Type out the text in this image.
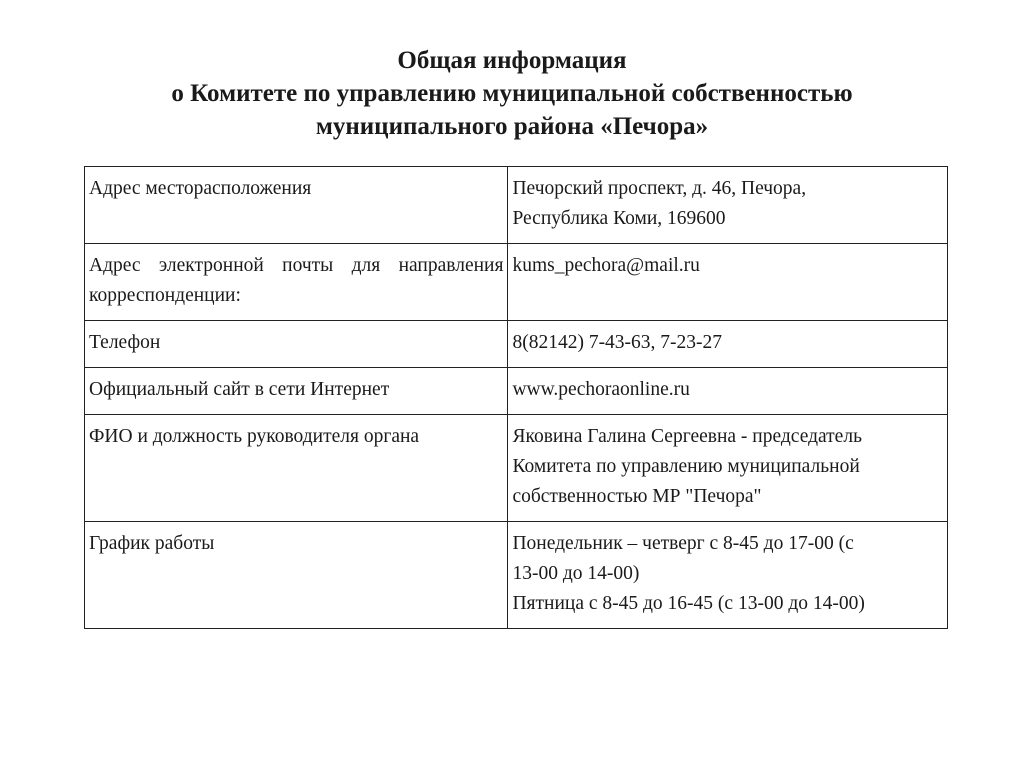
Общая информация
о Комитете по управлению муниципальной собственностью
муниципального района «Печора»
Адрес месторасположения	Печорский проспект, д. 46, Печора,
Республика Коми, 169600

Адрес электронной почты для направления корреспонденции:	kums_pechora@mail.ru

Телефон	8(82142) 7-43-63, 7-23-27

Официальный сайт в сети Интернет	www.pechoraonline.ru

ФИО и должность руководителя органа	Яковина Галина Сергеевна - председатель
Комитета по управлению муниципальной
собственностью МР "Печора"

График работы	Понедельник – четверг с 8-45 до 17-00 (с
13-00 до 14-00)
Пятница с 8-45 до 16-45 (с 13-00 до 14-00)
